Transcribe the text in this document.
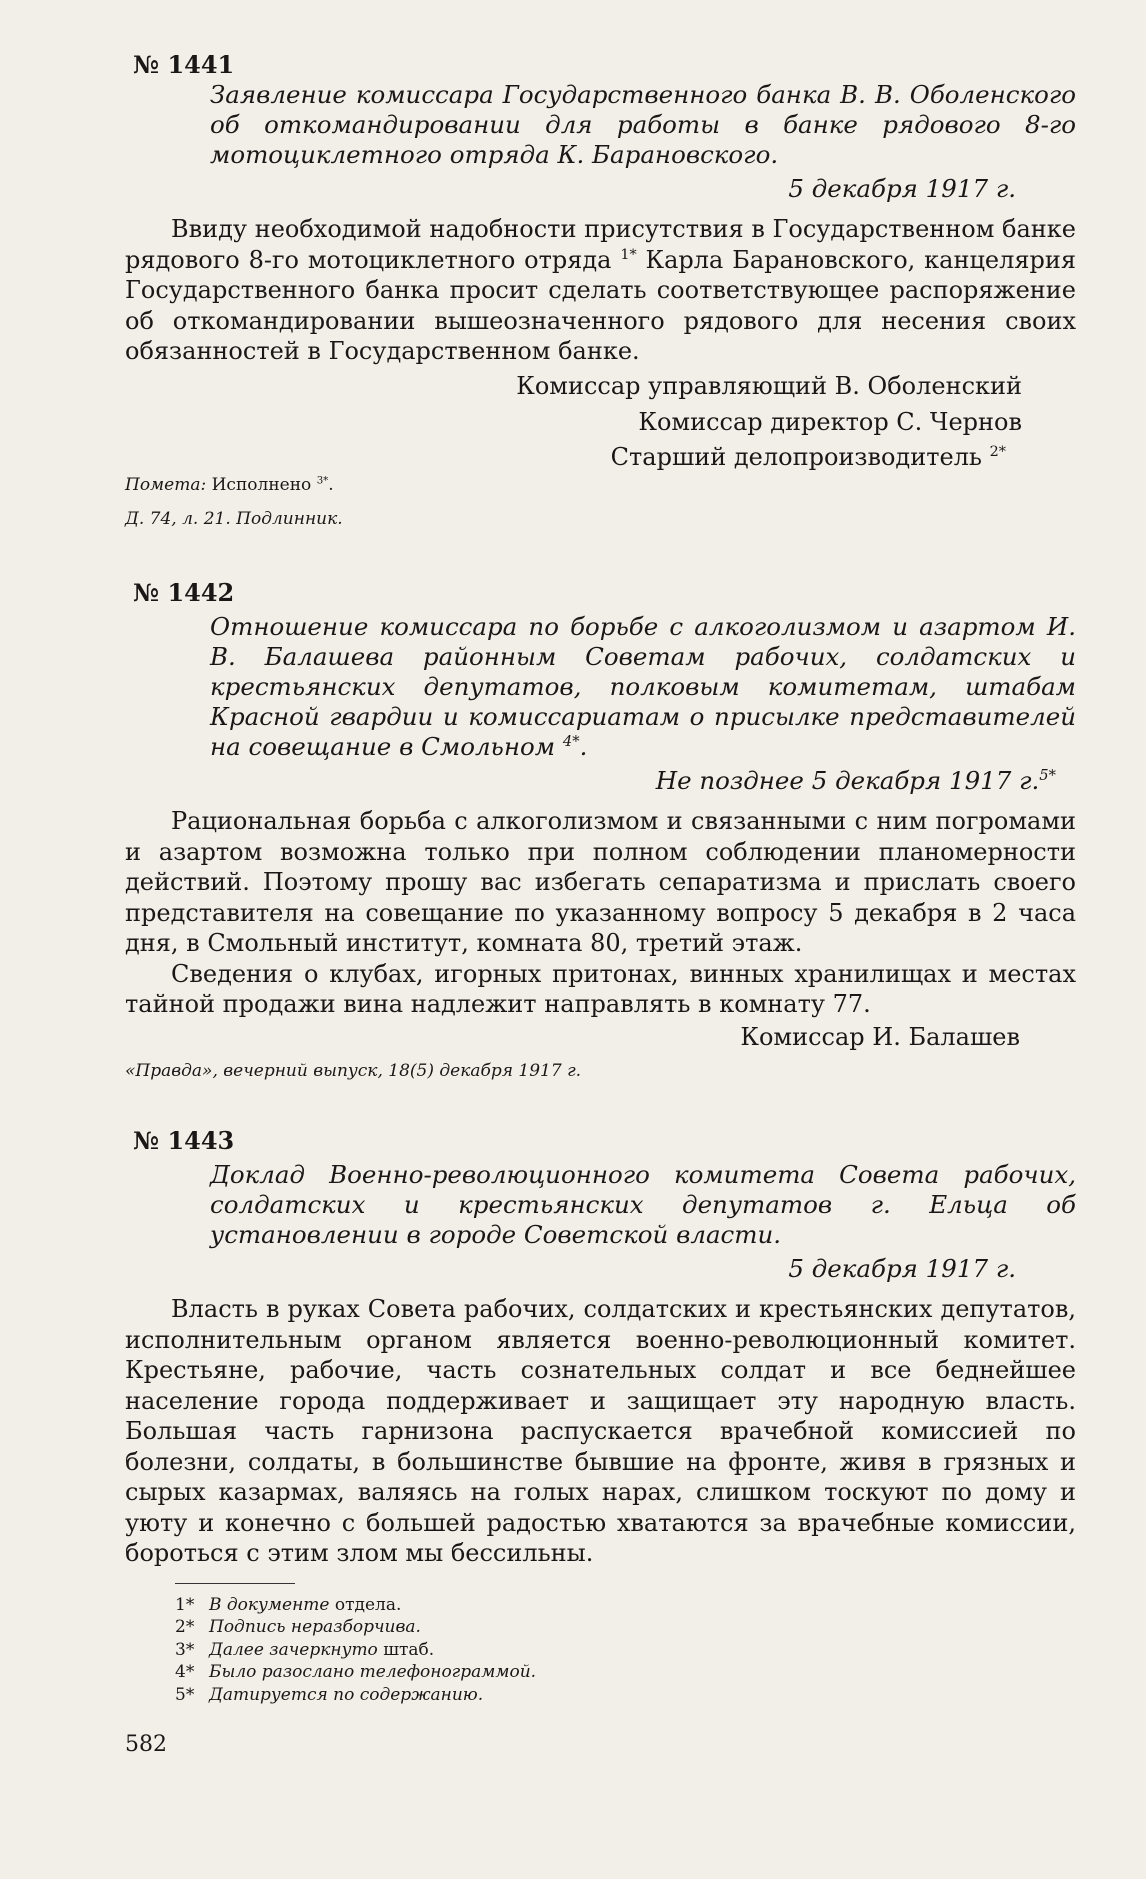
№ 1441
Заявление комиссара Государственного банка В. В. Оболенского об откомандировании для работы в банке рядового 8-го мотоциклетного отряда К. Барановского.
5 декабря 1917 г.

Ввиду необходимой надобности присутствия в Государственном банке рядового 8-го мотоциклетного отряда $^{1*}$ Карла Барановского, канцелярия Государственного банка просит сделать соответствующее распоряжение об откомандировании вышеозначенного рядового для несения своих обязанностей в Государственном банке.

Комиссар управляющий В. Оболенский
Комиссар директор С. Чернов
Старший делопроизводитель $^{2*}$

Помета: Исполнено $^{3*}$.

Д. 74, л. 21. Подлинник.

№ 1442
Отношение комиссара по борьбе с алкоголизмом и азартом И. В. Балашева районным Советам рабочих, солдатских и крестьянских депутатов, полковым комитетам, штабам Красной гвардии и комиссариатам о присылке представителей на совещание в Смольном $^{4*}$.
Не позднее 5 декабря 1917 г.$^{5*}$

Рациональная борьба с алкоголизмом и связанными с ним погромами и азартом возможна только при полном соблюдении планомерности действий. Поэтому прошу вас избегать сепаратизма и прислать своего представителя на совещание по указанному вопросу 5 декабря в 2 часа дня, в Смольный институт, комната 80, третий этаж.

Сведения о клубах, игорных притонах, винных хранилищах и местах тайной продажи вина надлежит направлять в комнату 77.

Комиссар И. Балашев

«Правда», вечерний выпуск, 18(5) декабря 1917 г.

№ 1443
Доклад Военно-революционного комитета Совета рабочих, солдатских и крестьянских депутатов г. Ельца об установлении в городе Советской власти.
5 декабря 1917 г.

Власть в руках Совета рабочих, солдатских и крестьянских депутатов, исполнительным органом является военно-революционный комитет. Крестьяне, рабочие, часть сознательных солдат и все беднейшее население города поддерживает и защищает эту народную власть. Большая часть гарнизона распускается врачебной комиссией по болезни, солдаты, в большинстве бывшие на фронте, живя в грязных и сырых казармах, валяясь на голых нарах, слишком тоскуют по дому и уюту и конечно с большей радостью хватаются за врачебные комиссии, бороться с этим злом мы бессильны.

1* В документе отдела.
2* Подпись неразборчива.
3* Далее зачеркнуто штаб.
4* Было разослано телефонограммой.
5* Датируется по содержанию.
582
